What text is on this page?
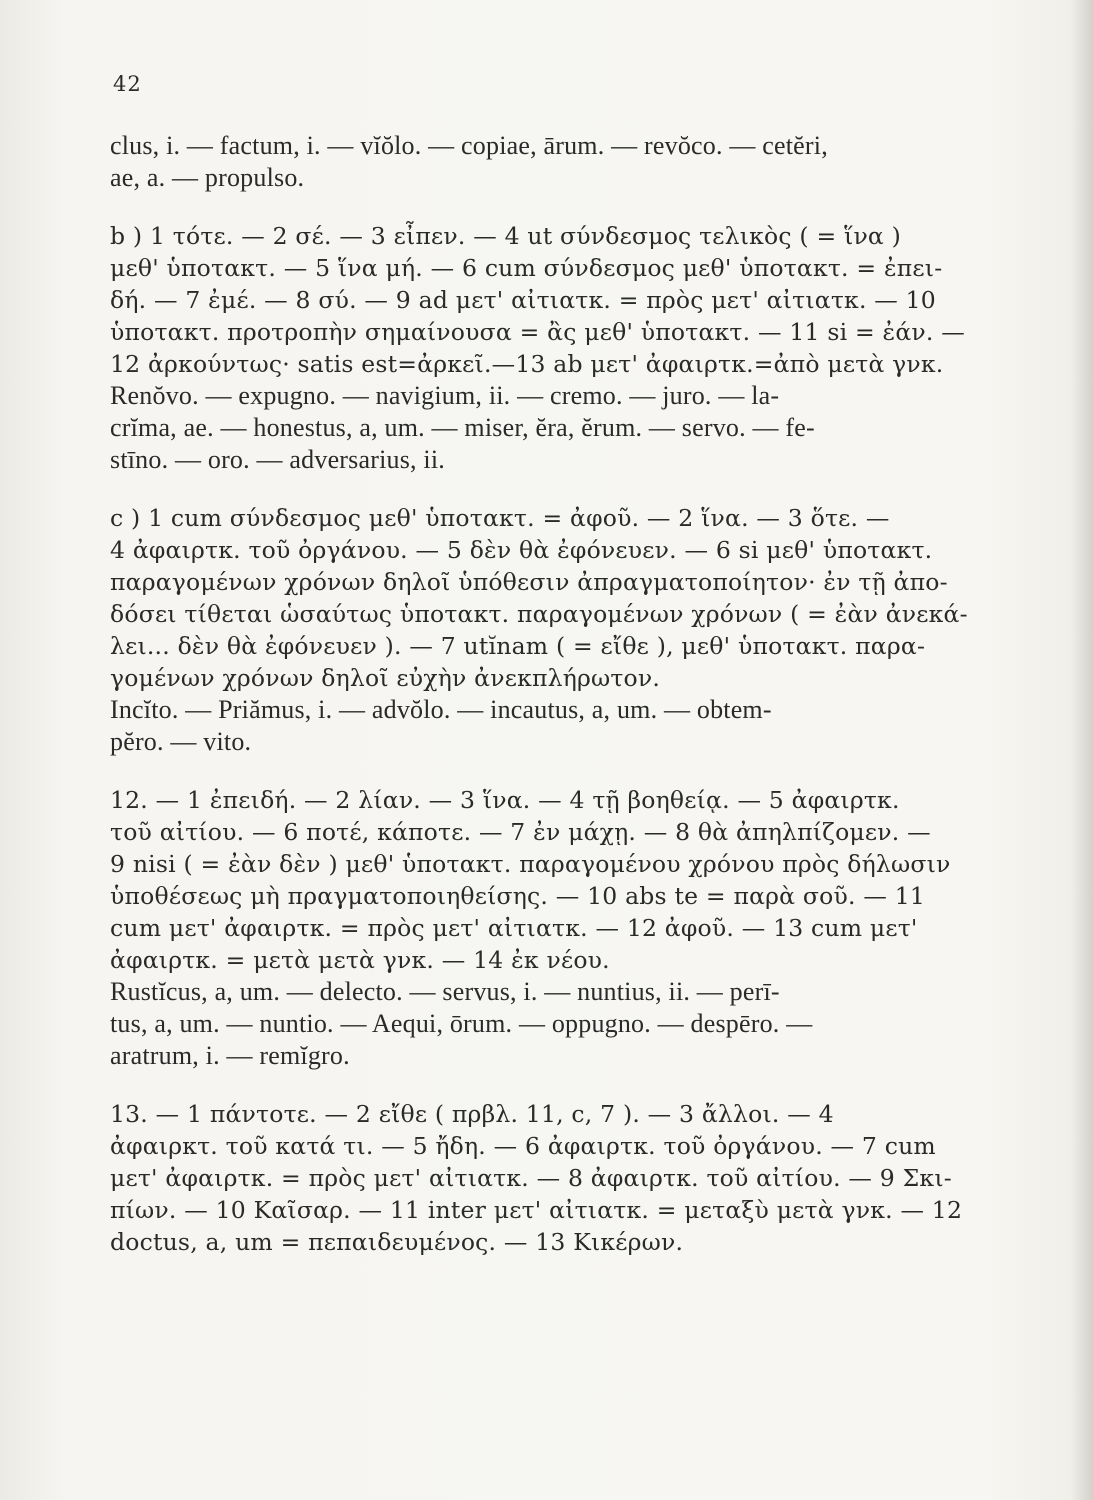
42
clus, i. — factum, i. — vĭŏlo. — copiae, ārum. — revŏco. — cetĕri,
ae, a. — propulso.
b ) 1 τότε. — 2 σέ. — 3 εἶπεν. — 4 ut σύνδεσμος τελικὸς ( = ἵνα )
μεθ' ὑποτακτ. — 5 ἵνα μή. — 6 cum σύνδεσμος μεθ' ὑποτακτ. = ἐπει-
δή. — 7 ἐμέ. — 8 σύ. — 9 ad μετ' αἰτιατκ. = πρὸς μετ' αἰτιατκ. — 10
ὑποτακτ. προτροπὴν σημαίνουσα = ἂς μεθ' ὑποτακτ. — 11 si = ἐάν. —
12 ἀρκούντως· satis est=ἀρκεῖ.—13 ab μετ' ἀφαιρτκ.=ἀπὸ μετὰ γνκ.
Renŏvo. — expugno. — navigium, ii. — cremo. — juro. — la-
crĭma, ae. — honestus, a, um. — miser, ĕra, ĕrum. — servo. — fe-
stīno. — oro. — adversarius, ii.
c ) 1 cum σύνδεσμος μεθ' ὑποτακτ. = ἀφοῦ. — 2 ἵνα. — 3 ὅτε. —
4 ἀφαιρτκ. τοῦ ὀργάνου. — 5 δὲν θὰ ἐφόνευεν. — 6 si μεθ' ὑποτακτ.
παραγομένων χρόνων δηλοῖ ὑπόθεσιν ἀπραγματοποίητον· ἐν τῇ ἀπο-
δόσει τίθεται ὡσαύτως ὑποτακτ. παραγομένων χρόνων ( = ἐὰν ἀνεκά-
λει... δὲν θὰ ἐφόνευεν ). — 7 utĭnam ( = εἴθε ), μεθ' ὑποτακτ. παρα-
γομένων χρόνων δηλοῖ εὐχὴν ἀνεκπλήρωτον.
Incĭto. — Priămus, i. — advŏlo. — incautus, a, um. — obtem-
pĕro. — vito.
12. — 1 ἐπειδή. — 2 λίαν. — 3 ἵνα. — 4 τῇ βοηθείᾳ. — 5 ἀφαιρτκ.
τοῦ αἰτίου. — 6 ποτέ, κάποτε. — 7 ἐν μάχῃ. — 8 θὰ ἀπηλπίζομεν. —
9 nisi ( = ἐὰν δὲν ) μεθ' ὑποτακτ. παραγομένου χρόνου πρὸς δήλωσιν
ὑποθέσεως μὴ πραγματοποιηθείσης. — 10 abs te = παρὰ σοῦ. — 11
cum μετ' ἀφαιρτκ. = πρὸς μετ' αἰτιατκ. — 12 ἀφοῦ. — 13 cum μετ'
ἀφαιρτκ. = μετὰ μετὰ γνκ. — 14 ἐκ νέου.
Rustĭcus, a, um. — delecto. — servus, i. — nuntius, ii. — perī-
tus, a, um. — nuntio. — Aequi, ōrum. — oppugno. — despēro. —
aratrum, i. — remĭgro.
13. — 1 πάντοτε. — 2 εἴθε ( πρβλ. 11, c, 7 ). — 3 ἄλλοι. — 4
ἀφαιρκτ. τοῦ κατά τι. — 5 ἤδη. — 6 ἀφαιρτκ. τοῦ ὀργάνου. — 7 cum
μετ' ἀφαιρτκ. = πρὸς μετ' αἰτιατκ. — 8 ἀφαιρτκ. τοῦ αἰτίου. — 9 Σκι-
πίων. — 10 Καῖσαρ. — 11 inter μετ' αἰτιατκ. = μεταξὺ μετὰ γνκ. — 12
doctus, a, um = πεπαιδευμένος. — 13 Κικέρων.
